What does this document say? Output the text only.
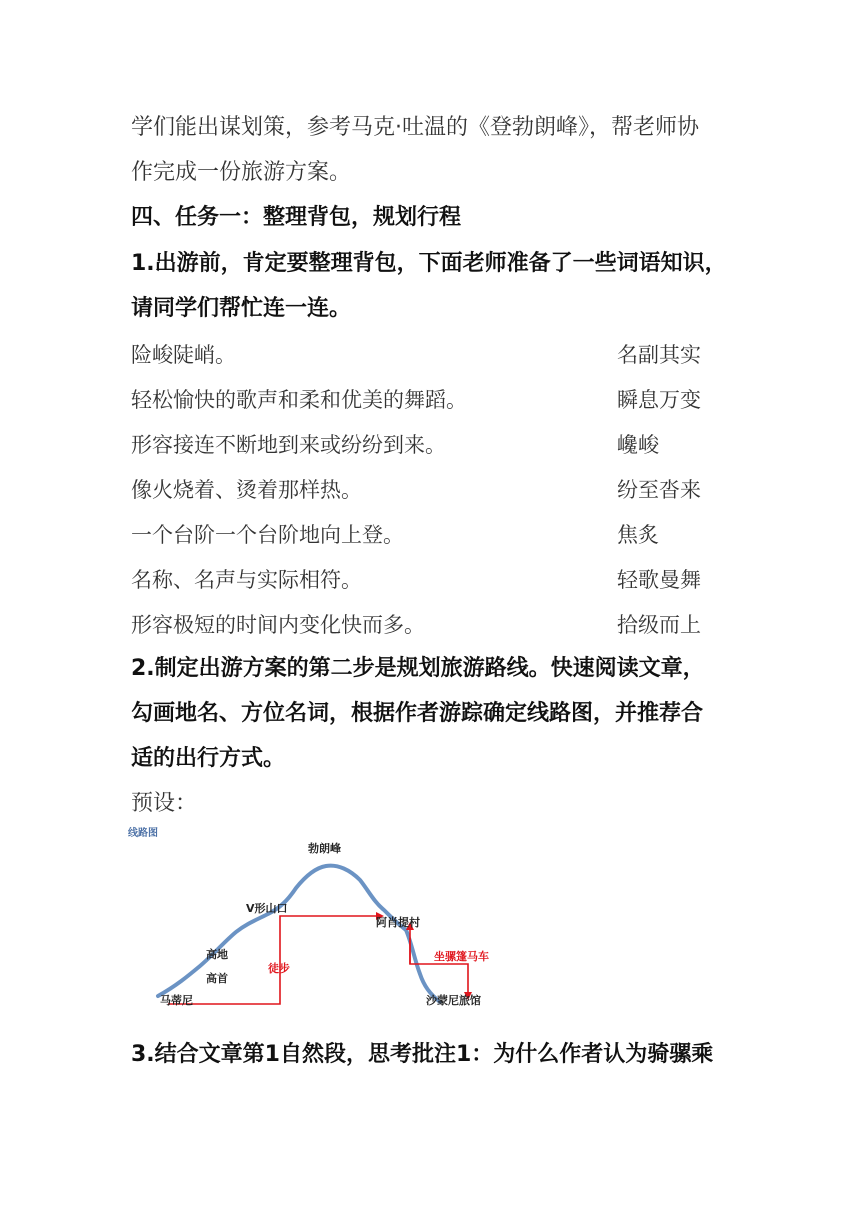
学们能出谋划策，参考马克·吐温的《登勃朗峰》，帮老师协
作完成一份旅游方案。
四、任务一：整理背包，规划行程
1.出游前，肯定要整理背包，下面老师准备了一些词语知识，
请同学们帮忙连一连。
险峻陡峭。	名副其实
轻松愉快的歌声和柔和优美的舞蹈。	瞬息万变
形容接连不断地到来或纷纷到来。	巉峻
像火烧着、烫着那样热。	纷至沓来
一个台阶一个台阶地向上登。	焦炙
名称、名声与实际相符。	轻歌曼舞
形容极短的时间内变化快而多。	拾级而上
2.制定出游方案的第二步是规划旅游路线。快速阅读文章，
勾画地名、方位名词，根据作者游踪确定线路图，并推荐合
适的出行方式。
预设：
线路图
勃朗峰
V形山口
阿肖提村
高地
高首
马蒂尼	沙蒙尼旅馆
徒步
坐骡篷马车
3.结合文章第1自然段，思考批注1：为什么作者认为骑骡乘
